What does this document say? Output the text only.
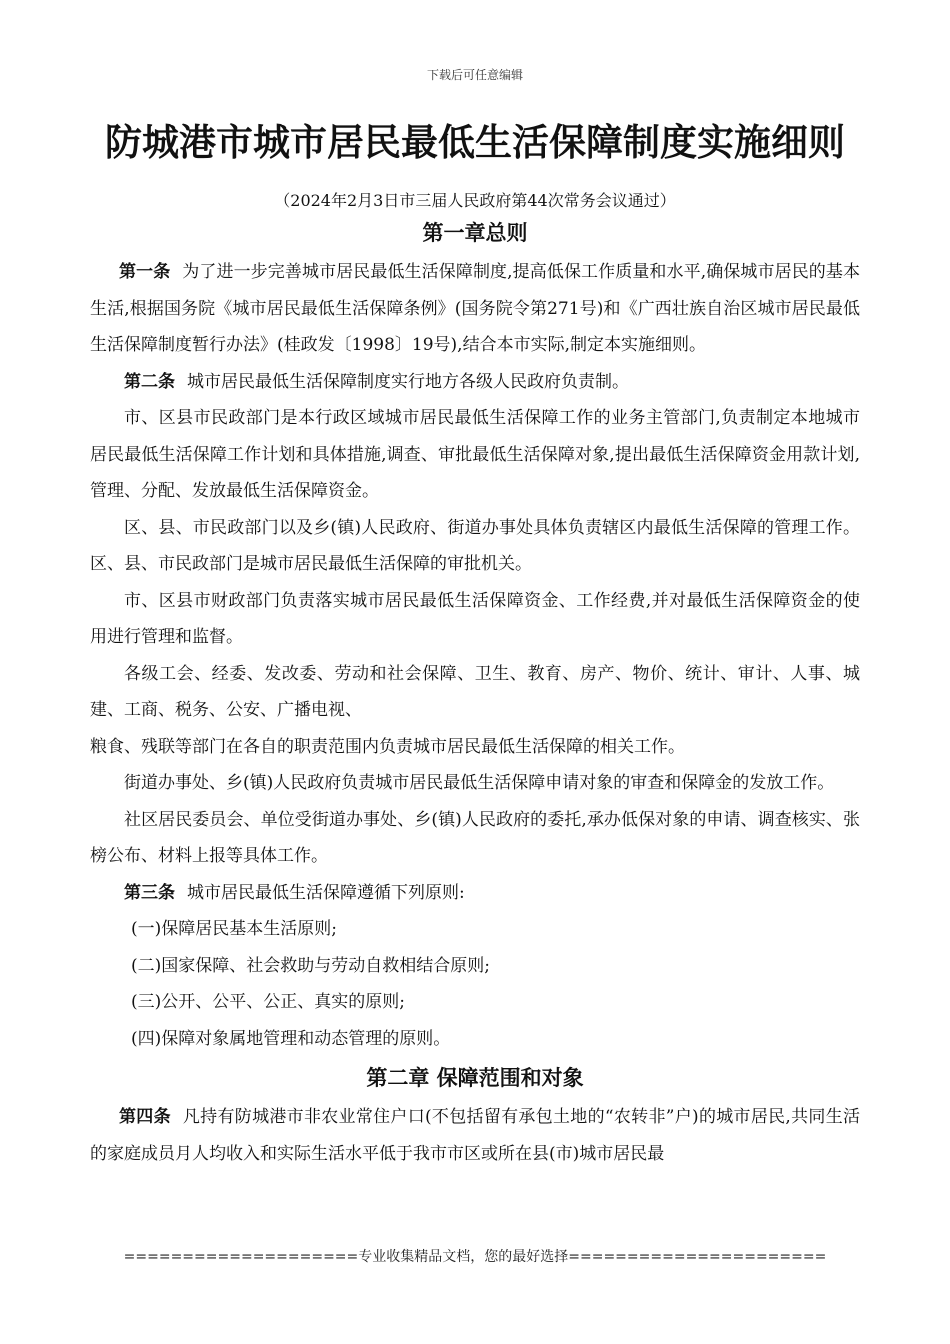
下载后可任意编辑
防城港市城市居民最低生活保障制度实施细则
（2024年2月3日市三届人民政府第44次常务会议通过）
第一章总则

第一条 为了进一步完善城市居民最低生活保障制度,提高低保工作质量和水平,确保城市居民的基本生活,根据国务院《城市居民最低生活保障条例》(国务院令第271号)和《广西壮族自治区城市居民最低生活保障制度暂行办法》(桂政发〔1998〕19号),结合本市实际,制定本实施细则。

第二条 城市居民最低生活保障制度实行地方各级人民政府负责制。

市、区县市民政部门是本行政区域城市居民最低生活保障工作的业务主管部门,负责制定本地城市居民最低生活保障工作计划和具体措施,调查、审批最低生活保障对象,提出最低生活保障资金用款计划,管理、分配、发放最低生活保障资金。

区、县、市民政部门以及乡(镇)人民政府、街道办事处具体负责辖区内最低生活保障的管理工作。区、县、市民政部门是城市居民最低生活保障的审批机关。

市、区县市财政部门负责落实城市居民最低生活保障资金、工作经费,并对最低生活保障资金的使用进行管理和监督。

各级工会、经委、发改委、劳动和社会保障、卫生、教育、房产、物价、统计、审计、人事、城建、工商、税务、公安、广播电视、

粮食、残联等部门在各自的职责范围内负责城市居民最低生活保障的相关工作。

街道办事处、乡(镇)人民政府负责城市居民最低生活保障申请对象的审查和保障金的发放工作。

社区居民委员会、单位受街道办事处、乡(镇)人民政府的委托,承办低保对象的申请、调查核实、张榜公布、材料上报等具体工作。

第三条 城市居民最低生活保障遵循下列原则:

(一)保障居民基本生活原则;

(二)国家保障、社会救助与劳动自救相结合原则;

(三)公开、公平、公正、真实的原则;

(四)保障对象属地管理和动态管理的原则。

第二章 保障范围和对象

第四条 凡持有防城港市非农业常住户口(不包括留有承包土地的“农转非”户)的城市居民,共同生活的家庭成员月人均收入和实际生活水平低于我市市区或所在县(市)城市居民最

====================专业收集精品文档，您的最好选择======================
